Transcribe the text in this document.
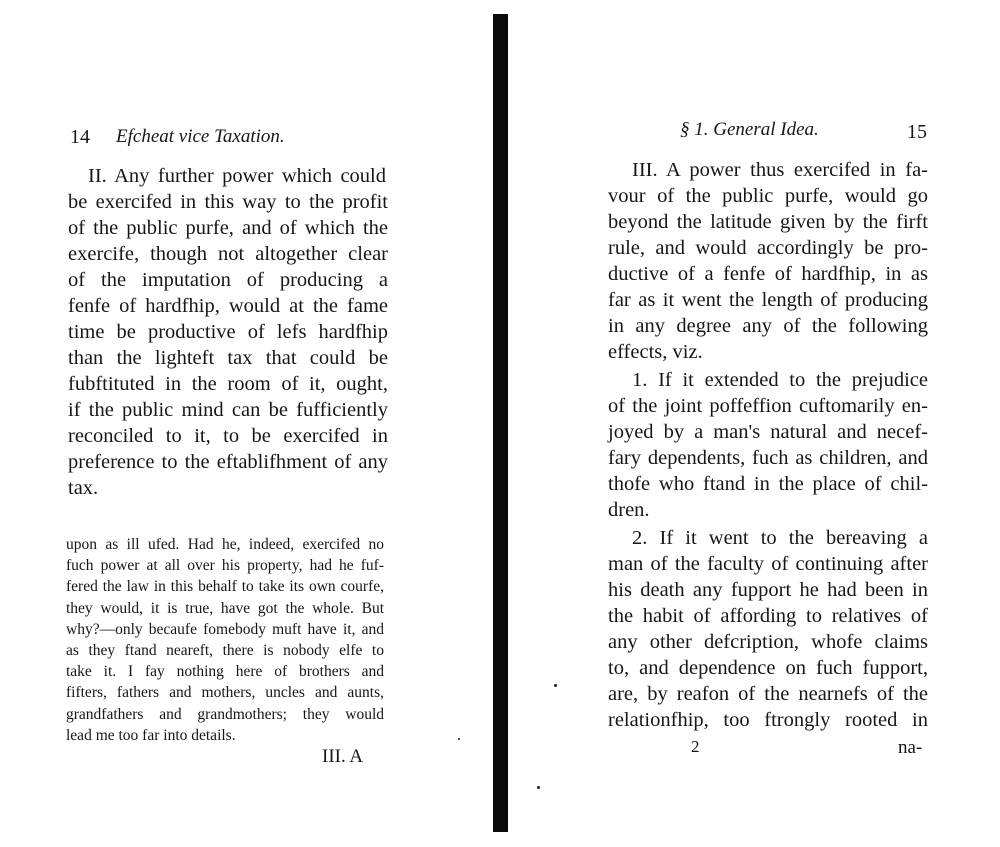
14 Efcheat vice Taxation.
II. Any further power which could
be exercifed in this way to the profit
of the public purfe, and of which the
exercife, though not altogether clear
of the imputation of producing a
fenfe of hardfhip, would at the fame
time be productive of lefs hardfhip
than the lighteft tax that could be
fubftituted in the room of it, ought,
if the public mind can be fufficiently
reconciled to it, to be exercifed in
preference to the eftablifhment of any
tax.
upon as ill ufed. Had he, indeed, exercifed no
fuch power at all over his property, had he fuf-
fered the law in this behalf to take its own courfe,
they would, it is true, have got the whole. But
why?—only becaufe fomebody muft have it, and
as they ftand neareft, there is nobody elfe to
take it. I fay nothing here of brothers and
fifters, fathers and mothers, uncles and aunts,
grandfathers and grandmothers; they would
lead me too far into details.
III. A
§ 1. General Idea.	15
III. A power thus exercifed in fa-
vour of the public purfe, would go
beyond the latitude given by the firft
rule, and would accordingly be pro-
ductive of a fenfe of hardfhip, in as
far as it went the length of producing
in any degree any of the following
effects, viz.
1. If it extended to the prejudice
of the joint poffeffion cuftomarily en-
joyed by a man's natural and necef-
fary dependents, fuch as children, and
thofe who ftand in the place of chil-
dren.
2. If it went to the bereaving a
man of the faculty of continuing after
his death any fupport he had been in
the habit of affording to relatives of
any other defcription, whofe claims
to, and dependence on fuch fupport,
are, by reafon of the nearnefs of the
relationfhip, too ftrongly rooted in
2	na-
